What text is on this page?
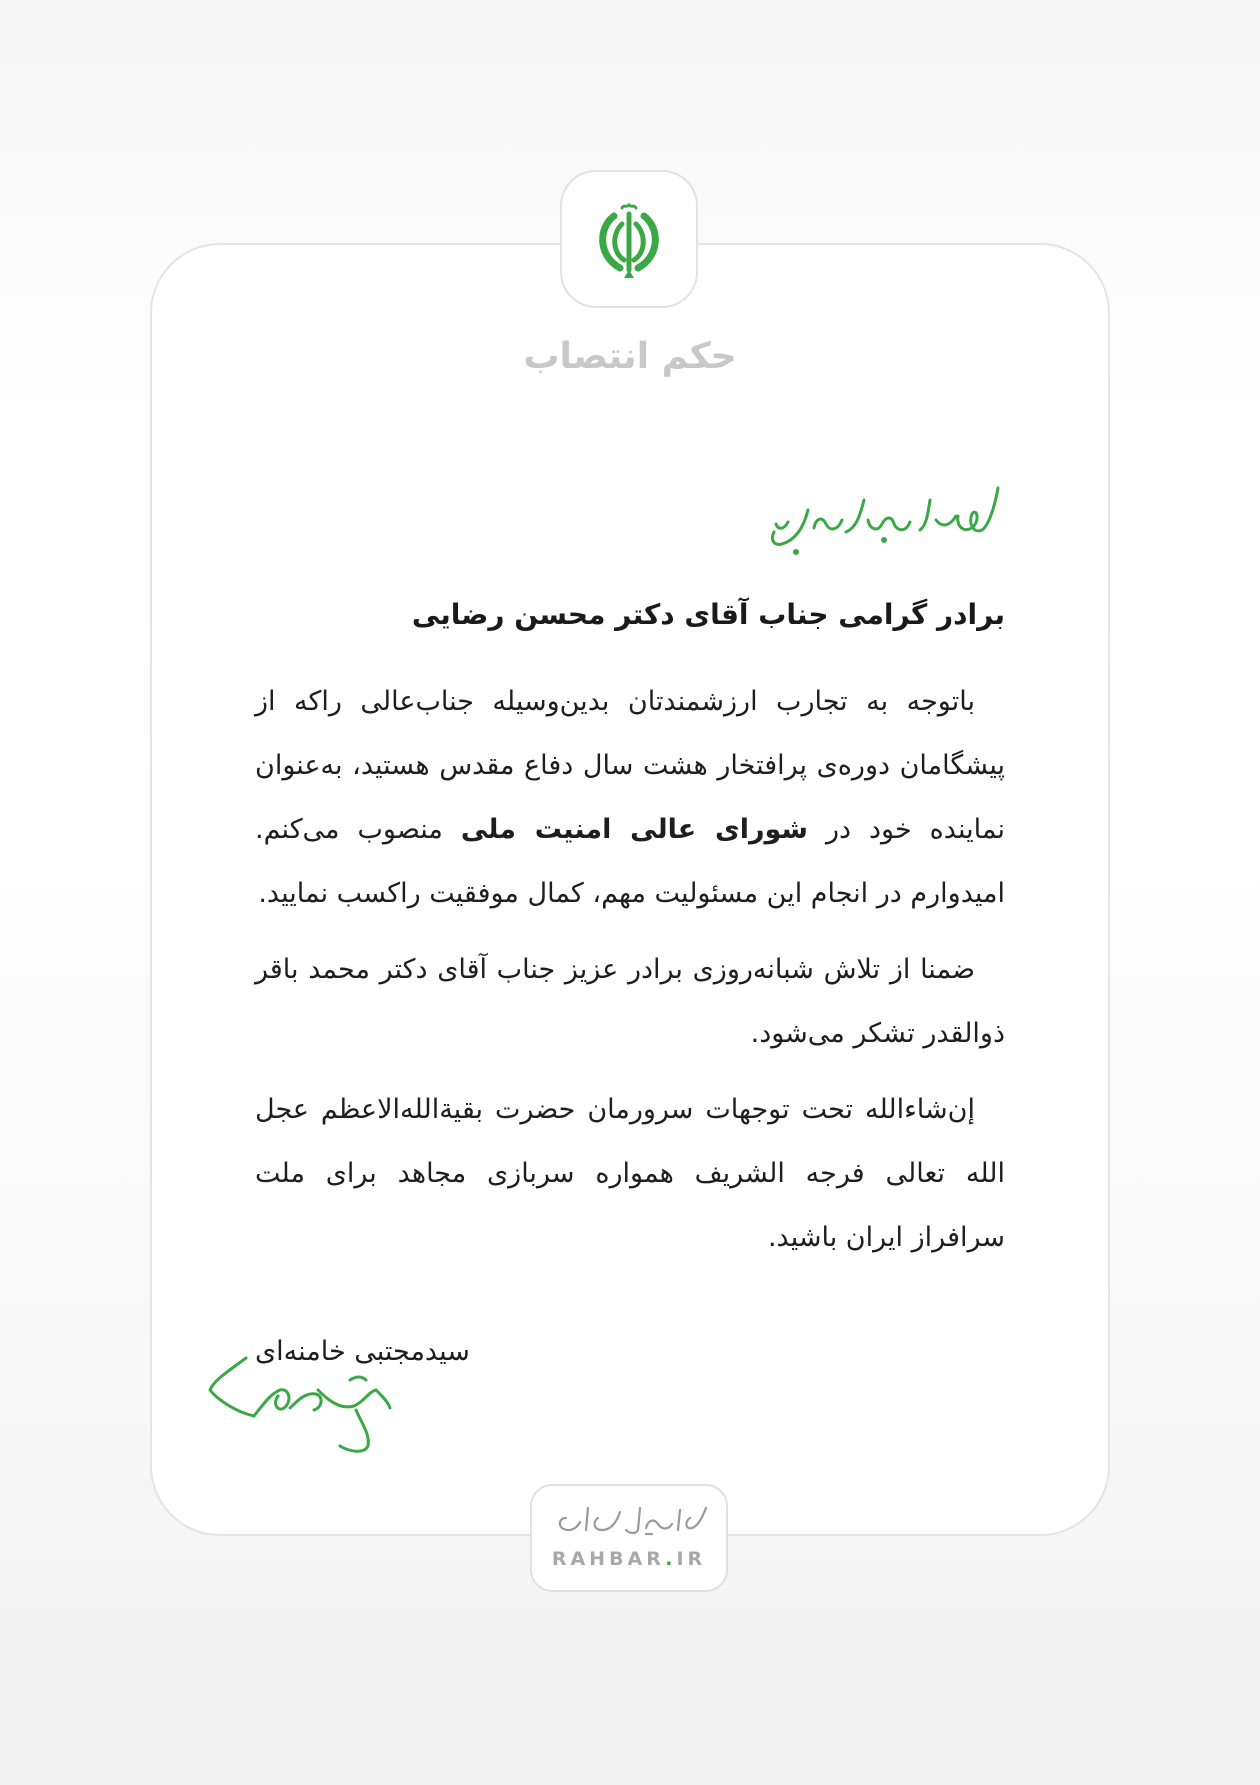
حکم انتصاب

برادر گرامی جناب آقای دکتر محسن رضایی

باتوجه به تجارب ارزشمندتان بدین‌وسیله جناب‌عالی راکه از پیشگامان دوره‌ی پرافتخار هشت سال دفاع مقدس هستید، به‌عنوان نماینده خود در شورای عالی امنیت ملی منصوب می‌کنم. امیدوارم در انجام این مسئولیت مهم، کمال موفقیت راکسب نمایید.

ضمنا از تلاش شبانه‌روزی برادر عزیز جناب آقای دکتر محمد باقر ذوالقدر تشکر می‌شود.

إن‌شاءالله تحت توجهات سرورمان حضرت بقیة‌الله‌الاعظم عجل الله تعالی فرجه الشریف همواره سربازی مجاهد برای ملت سرافراز ایران باشید.

سیدمجتبی خامنه‌ای
RAHBAR.IR
